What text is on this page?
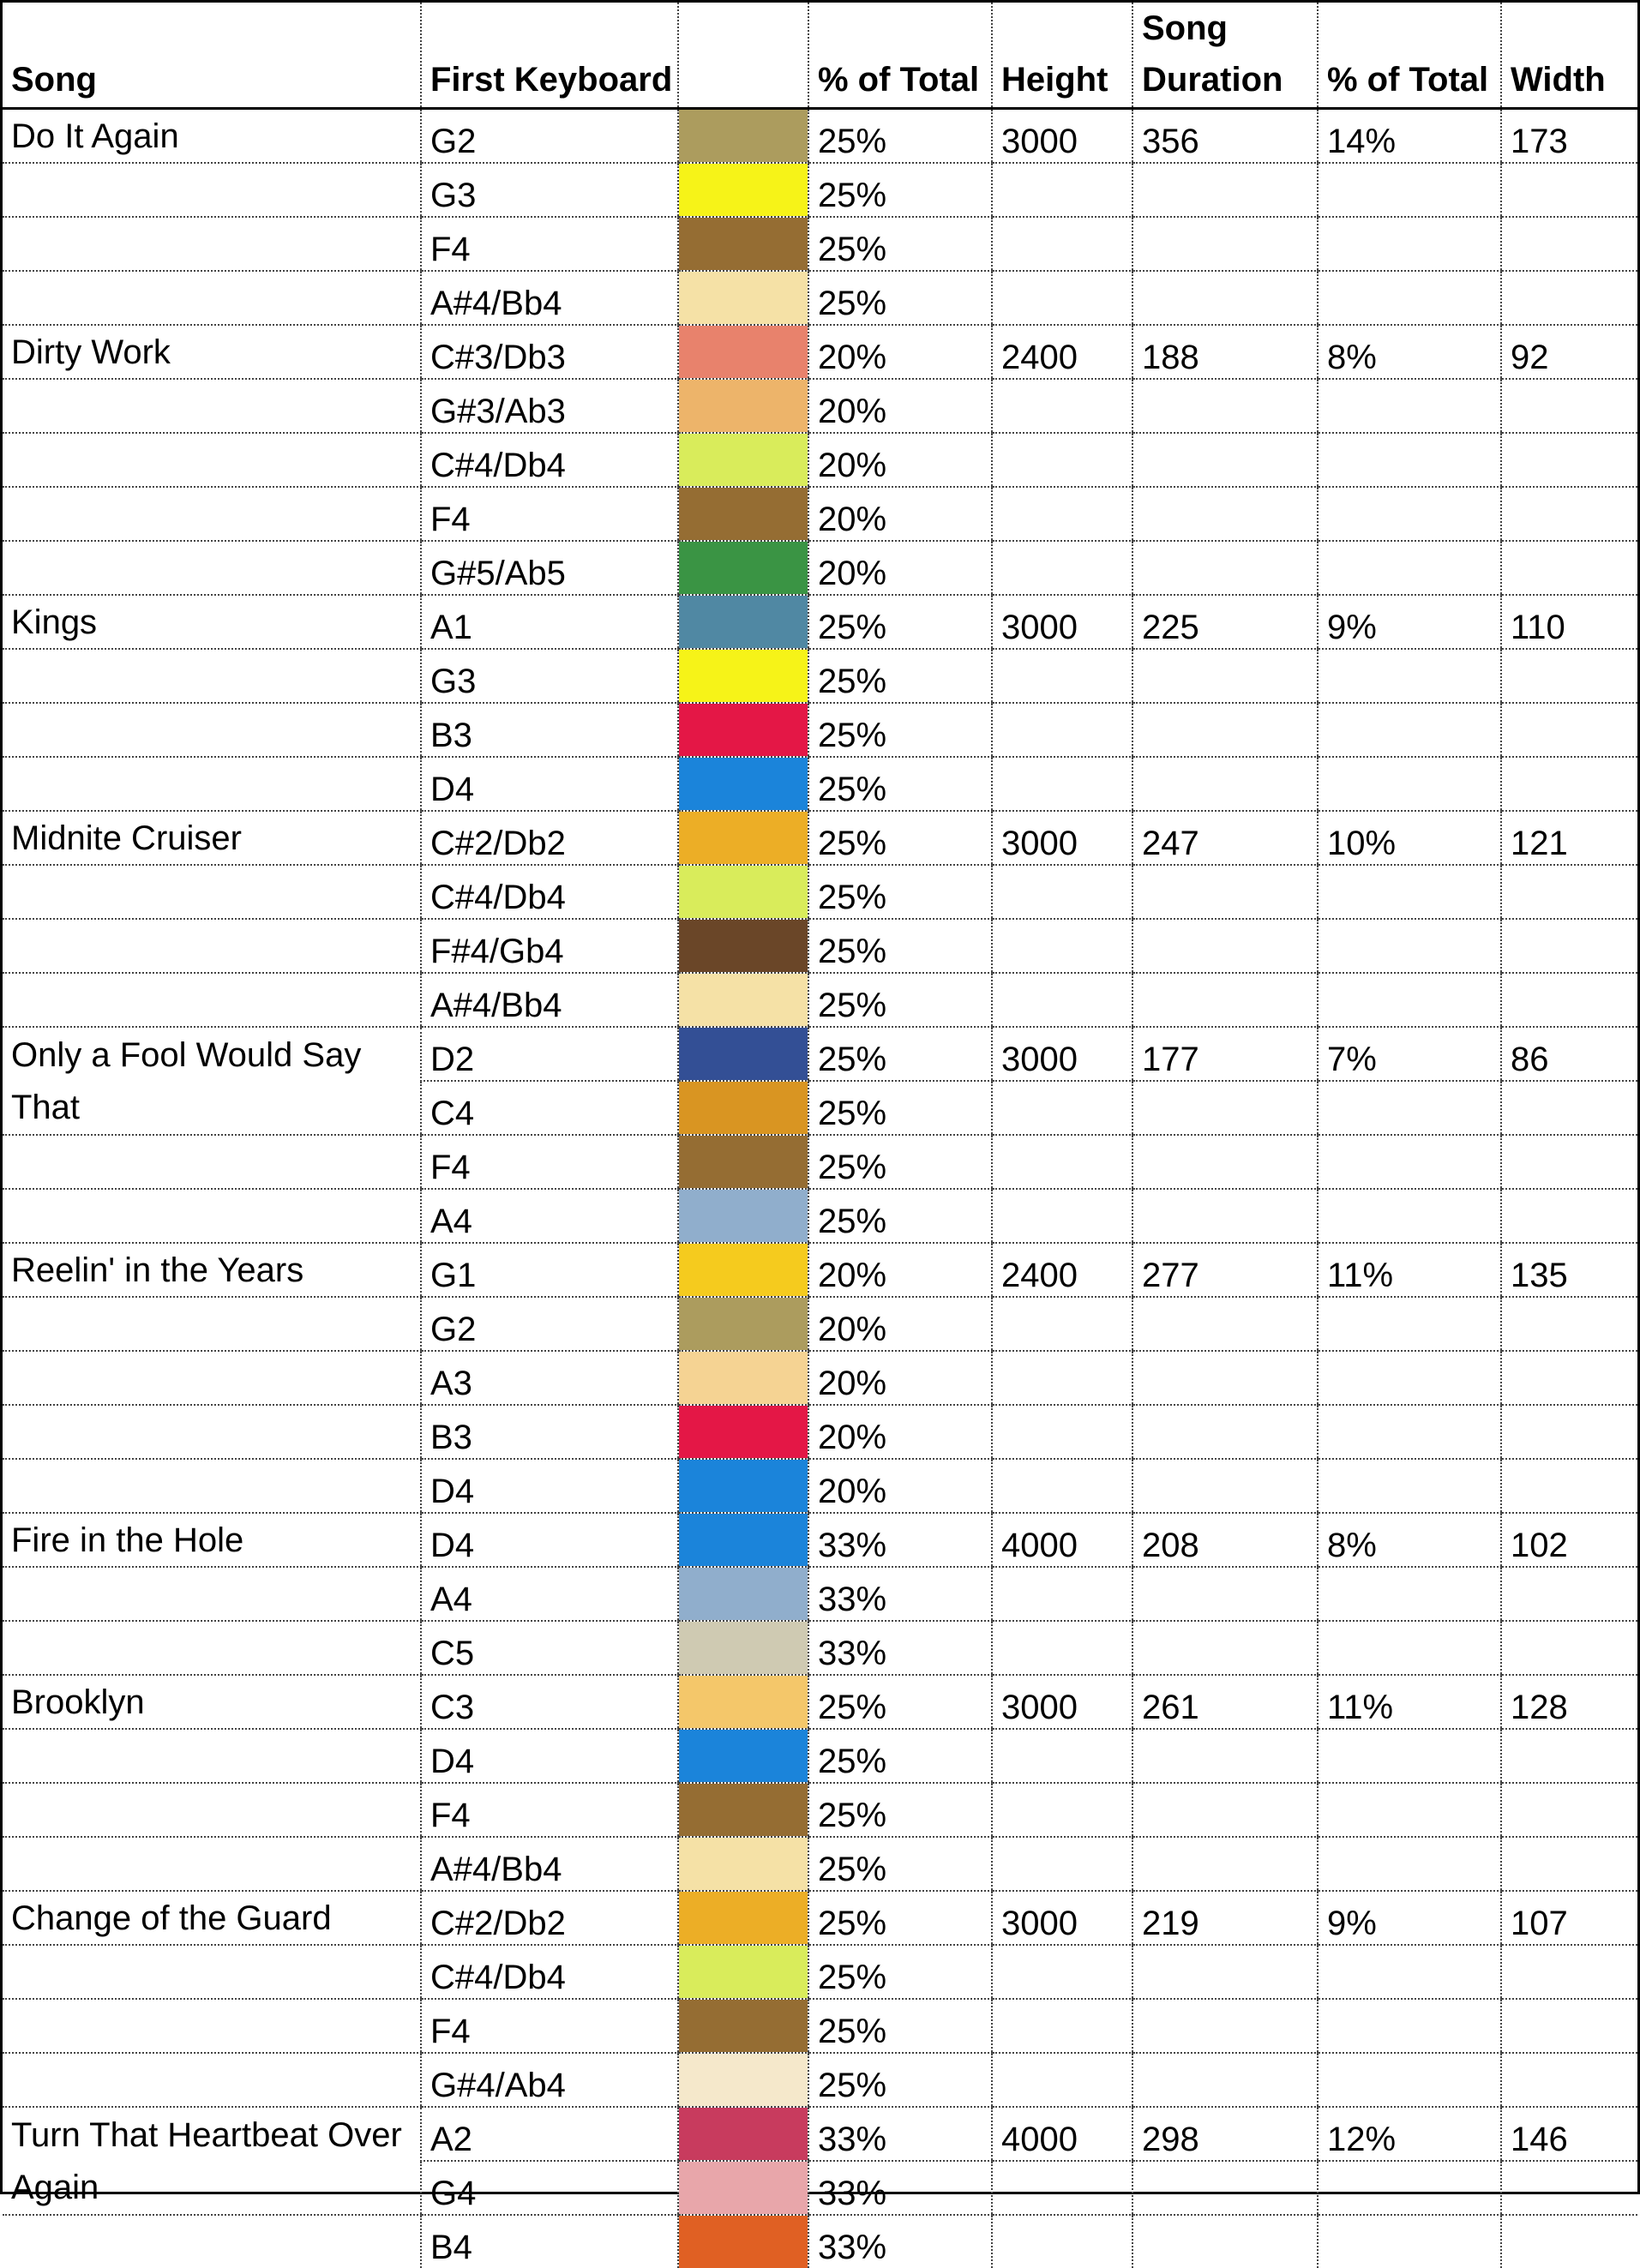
Song	First Keyboard		% of Total	Height	Song Duration	% of Total	Width

Do It Again	G2		25%	3000	356	14%	173

	G3		25%				

	F4		25%				

	A#4/Bb4		25%				

Dirty Work	C#3/Db3		20%	2400	188	8%	92

	G#3/Ab3		20%				

	C#4/Db4		20%				

	F4		20%				

	G#5/Ab5		20%				

Kings	A1		25%	3000	225	9%	110

	G3		25%				

	B3		25%				

	D4		25%				

Midnite Cruiser	C#2/Db2		25%	3000	247	10%	121

	C#4/Db4		25%				

	F#4/Gb4		25%				

	A#4/Bb4		25%				

Only a Fool Would Say That	D2		25%	3000	177	7%	86

	C4		25%				

	F4		25%				

	A4		25%				

Reelin' in the Years	G1		20%	2400	277	11%	135

	G2		20%				

	A3		20%				

	B3		20%				

	D4		20%				

Fire in the Hole	D4		33%	4000	208	8%	102

	A4		33%				

	C5		33%				

Brooklyn	C3		25%	3000	261	11%	128

	D4		25%				

	F4		25%				

	A#4/Bb4		25%				

Change of the Guard	C#2/Db2		25%	3000	219	9%	107

	C#4/Db4		25%				

	F4		25%				

	G#4/Ab4		25%				

Turn That Heartbeat Over Again	A2		33%	4000	298	12%	146

	G4		33%				

	B4		33%				
